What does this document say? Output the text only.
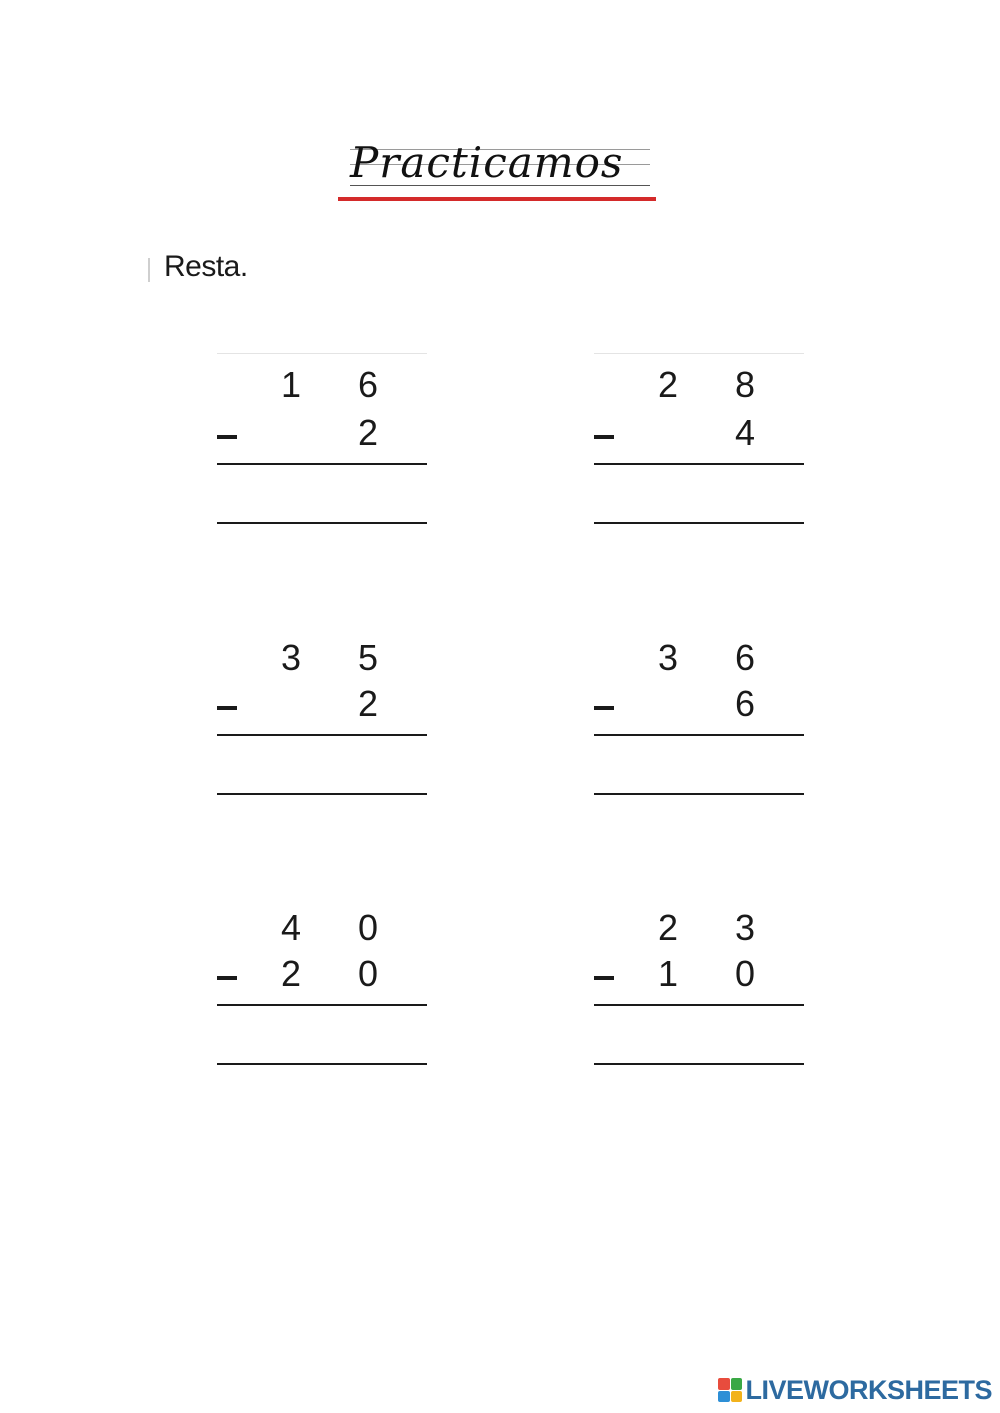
Practicamos
Resta.
1 6
2
2 8
4
3 5
2
3 6
6
4 0
2 0
2 3
1 0
LIVEWORKSHEETS
